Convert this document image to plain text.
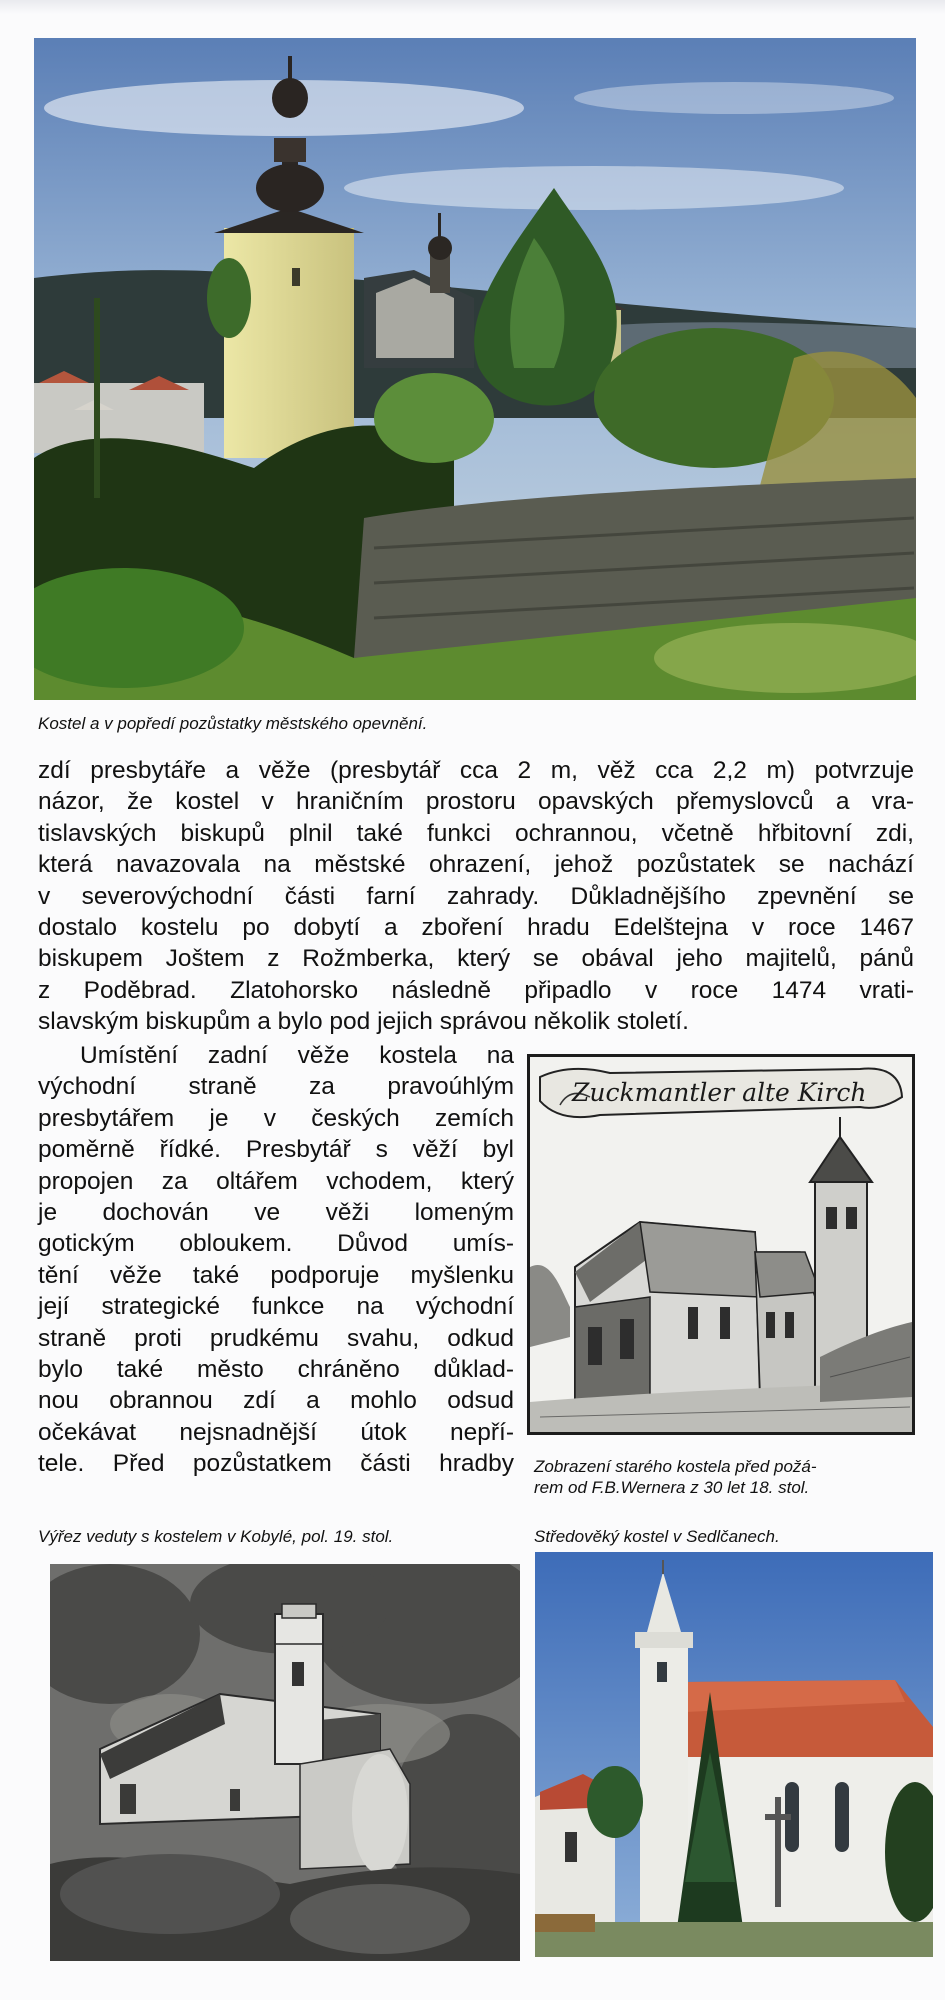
Kostel a v popředí pozůstatky městského opevnění.
zdí presbytáře a věže (presbytář cca 2 m, věž cca 2,2 m) potvrzuje
názor, že kostel v hraničním prostoru opavských přemyslovců a vra-
tislavských biskupů plnil také funkci ochrannou, včetně hřbitovní zdi,
která navazovala na městské ohrazení, jehož pozůstatek se nachází
v severovýchodní části farní zahrady. Důkladnějšího zpevnění se
dostalo kostelu po dobytí a zboření hradu Edelštejna v roce 1467
biskupem Joštem z Rožmberka, který se obával jeho majitelů, pánů
z Poděbrad. Zlatohorsko následně připadlo v roce 1474 vrati-
slavským biskupům a bylo pod jejich správou několik století.
Umístění zadní věže kostela na
východní straně za pravoúhlým
presbytářem je v českých zemích
poměrně řídké. Presbytář s věží byl
propojen za oltářem vchodem, který
je dochován ve věži lomeným
gotickým obloukem. Důvod umís-
tění věže také podporuje myšlenku
její strategické funkce na východní
straně proti prudkému svahu, odkud
bylo také město chráněno důklad-
nou obrannou zdí a mohlo odsud
očekávat nejsnadnější útok nepří-
tele. Před pozůstatkem části hradby
Zuckmantler alte Kirch
Zobrazení starého kostela před požá-
rem od F.B.Wernera z 30 let 18. stol.
Výřez veduty s kostelem v Kobylé, pol. 19. stol.	Středověký kostel v Sedlčanech.
